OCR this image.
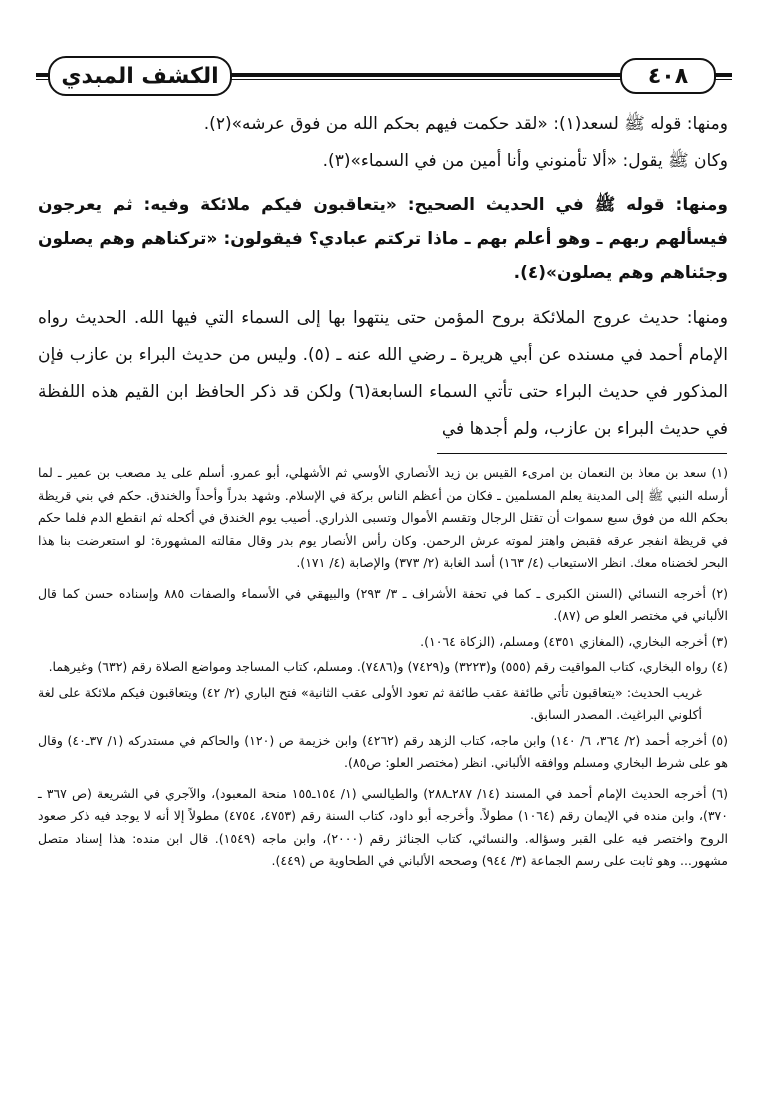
الكشف المبدي	٤٠٨

ومنها: قوله ﷺ لسعد(١): «لقد حكمت فيهم بحكم الله من فوق عرشه»(٢).

وكان ﷺ يقول: «ألا تأمنوني وأنا أمين من في السماء»(٣).

ومنها: قوله ﷺ في الحديث الصحيح: «يتعاقبون فيكم ملائكة وفيه: ثم يعرجون فيسألهم ربهم ـ وهو أعلم بهم ـ ماذا تركتم عبادي؟ فيقولون: «تركناهم وهم يصلون وجئناهم وهم يصلون»(٤).

ومنها: حديث عروج الملائكة بروح المؤمن حتى ينتهوا بها إلى السماء التي فيها الله. الحديث رواه الإمام أحمد في مسنده عن أبي هريرة ـ رضي الله عنه ـ (٥). وليس من حديث البراء بن عازب فإن المذكور في حديث البراء حتى تأتي السماء السابعة(٦) ولكن قد ذكر الحافظ ابن القيم هذه اللفظة في حديث البراء بن عازب، ولم أجدها في

(١) سعد بن معاذ بن النعمان بن امرىء القيس بن زيد الأنصاري الأوسي ثم الأشهلي، أبو عمرو. أسلم على يد مصعب بن عمير ـ لما أرسله النبي ﷺ إلى المدينة يعلم المسلمين ـ فكان من أعظم الناس بركة في الإسلام. وشهد بدراً وأحداً والخندق. حكم في بني قريظة بحكم الله من فوق سبع سموات أن تقتل الرجال وتقسم الأموال وتسبى الذراري. أصيب يوم الخندق في أكحله ثم انقطع الدم فلما حكم في قريظة انفجر عرقه فقبض واهتز لموته عرش الرحمن. وكان رأس الأنصار يوم بدر وقال مقالته المشهورة: لو استعرضت بنا هذا البحر لخضناه معك. انظر الاستيعاب (٤/ ١٦٣) أسد الغابة (٢/ ٣٧٣) والإصابة (٤/ ١٧١).

(٢) أخرجه النسائي (السنن الكبرى ـ كما في تحفة الأشراف ـ ٣/ ٢٩٣) والبيهقي في الأسماء والصفات ٨٨٥ وإسناده حسن كما قال الألباني في مختصر العلو ص (٨٧).

(٣) أخرجه البخاري، (المغازي ٤٣٥١) ومسلم، (الزكاة ١٠٦٤).

(٤) رواه البخاري، كتاب المواقيت رقم (٥٥٥) و(٣٢٢٣) و(٧٤٢٩) و(٧٤٨٦). ومسلم، كتاب المساجد ومواضع الصلاة رقم (٦٣٢) وغيرهما.

غريب الحديث: «يتعاقبون تأتي طائفة عقب طائفة ثم تعود الأولى عقب الثانية» فتح الباري (٢/ ٤٢) ويتعاقبون فيكم ملائكة على لغة أكلوني البراغيث. المصدر السابق.

(٥) أخرجه أحمد (٢/ ٣٦٤، ٦/ ١٤٠) وابن ماجه، كتاب الزهد رقم (٤٢٦٢) وابن خزيمة ص (١٢٠) والحاكم في مستدركه (١/ ٣٧ـ٤٠) وقال هو على شرط البخاري ومسلم ووافقه الألباني. انظر (مختصر العلو: ص٨٥).

(٦) أخرجه الحديث الإمام أحمد في المسند (١٤/ ٢٨٧ـ٢٨٨) والطيالسي (١/ ١٥٤ـ١٥٥ منحة المعبود)، والآجري في الشريعة (ص ٣٦٧ ـ ٣٧٠)، وابن منده في الإيمان رقم (١٠٦٤) مطولاً. وأخرجه أبو داود، كتاب السنة رقم (٤٧٥٣، ٤٧٥٤) مطولاً إلا أنه لا يوجد فيه ذكر صعود الروح واختصر فيه على القبر وسؤاله. والنسائي، كتاب الجنائز رقم (٢٠٠٠)، وابن ماجه (١٥٤٩). قال ابن منده: هذا إسناد متصل مشهور... وهو ثابت على رسم الجماعة (٣/ ٩٤٤) وصححه الألباني في الطحاوية ص (٤٤٩).
